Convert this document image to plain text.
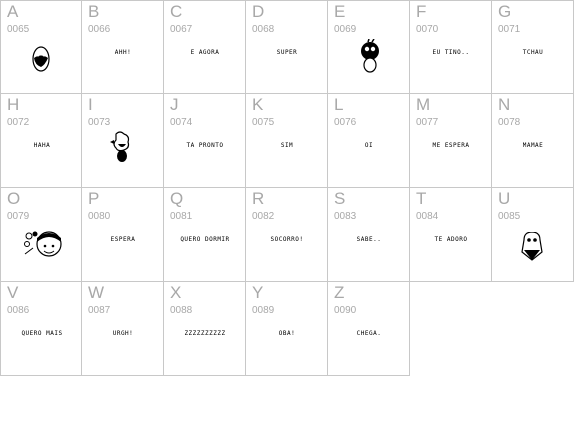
A
0065
B
0066
AHH!
C
0067
E AGORA
D
0068
SUPER
E
0069
F
0070
EU TINO..
G
0071
TCHAU
H
0072
HAHA
I
0073
J
0074
TA PRONTO
K
0075
SIM
L
0076
OI
M
0077
ME ESPERA
N
0078
MAMAE
O
0079
P
0080
ESPERA
Q
0081
QUERO DORMIR
R
0082
SOCORRO!
S
0083
SABE..
T
0084
TE ADORO
U
0085
V
0086
QUERO MAIS
W
0087
URGH!
X
0088
ZZZZZZZZZZ
Y
0089
OBA!
Z
0090
CHEGA.
